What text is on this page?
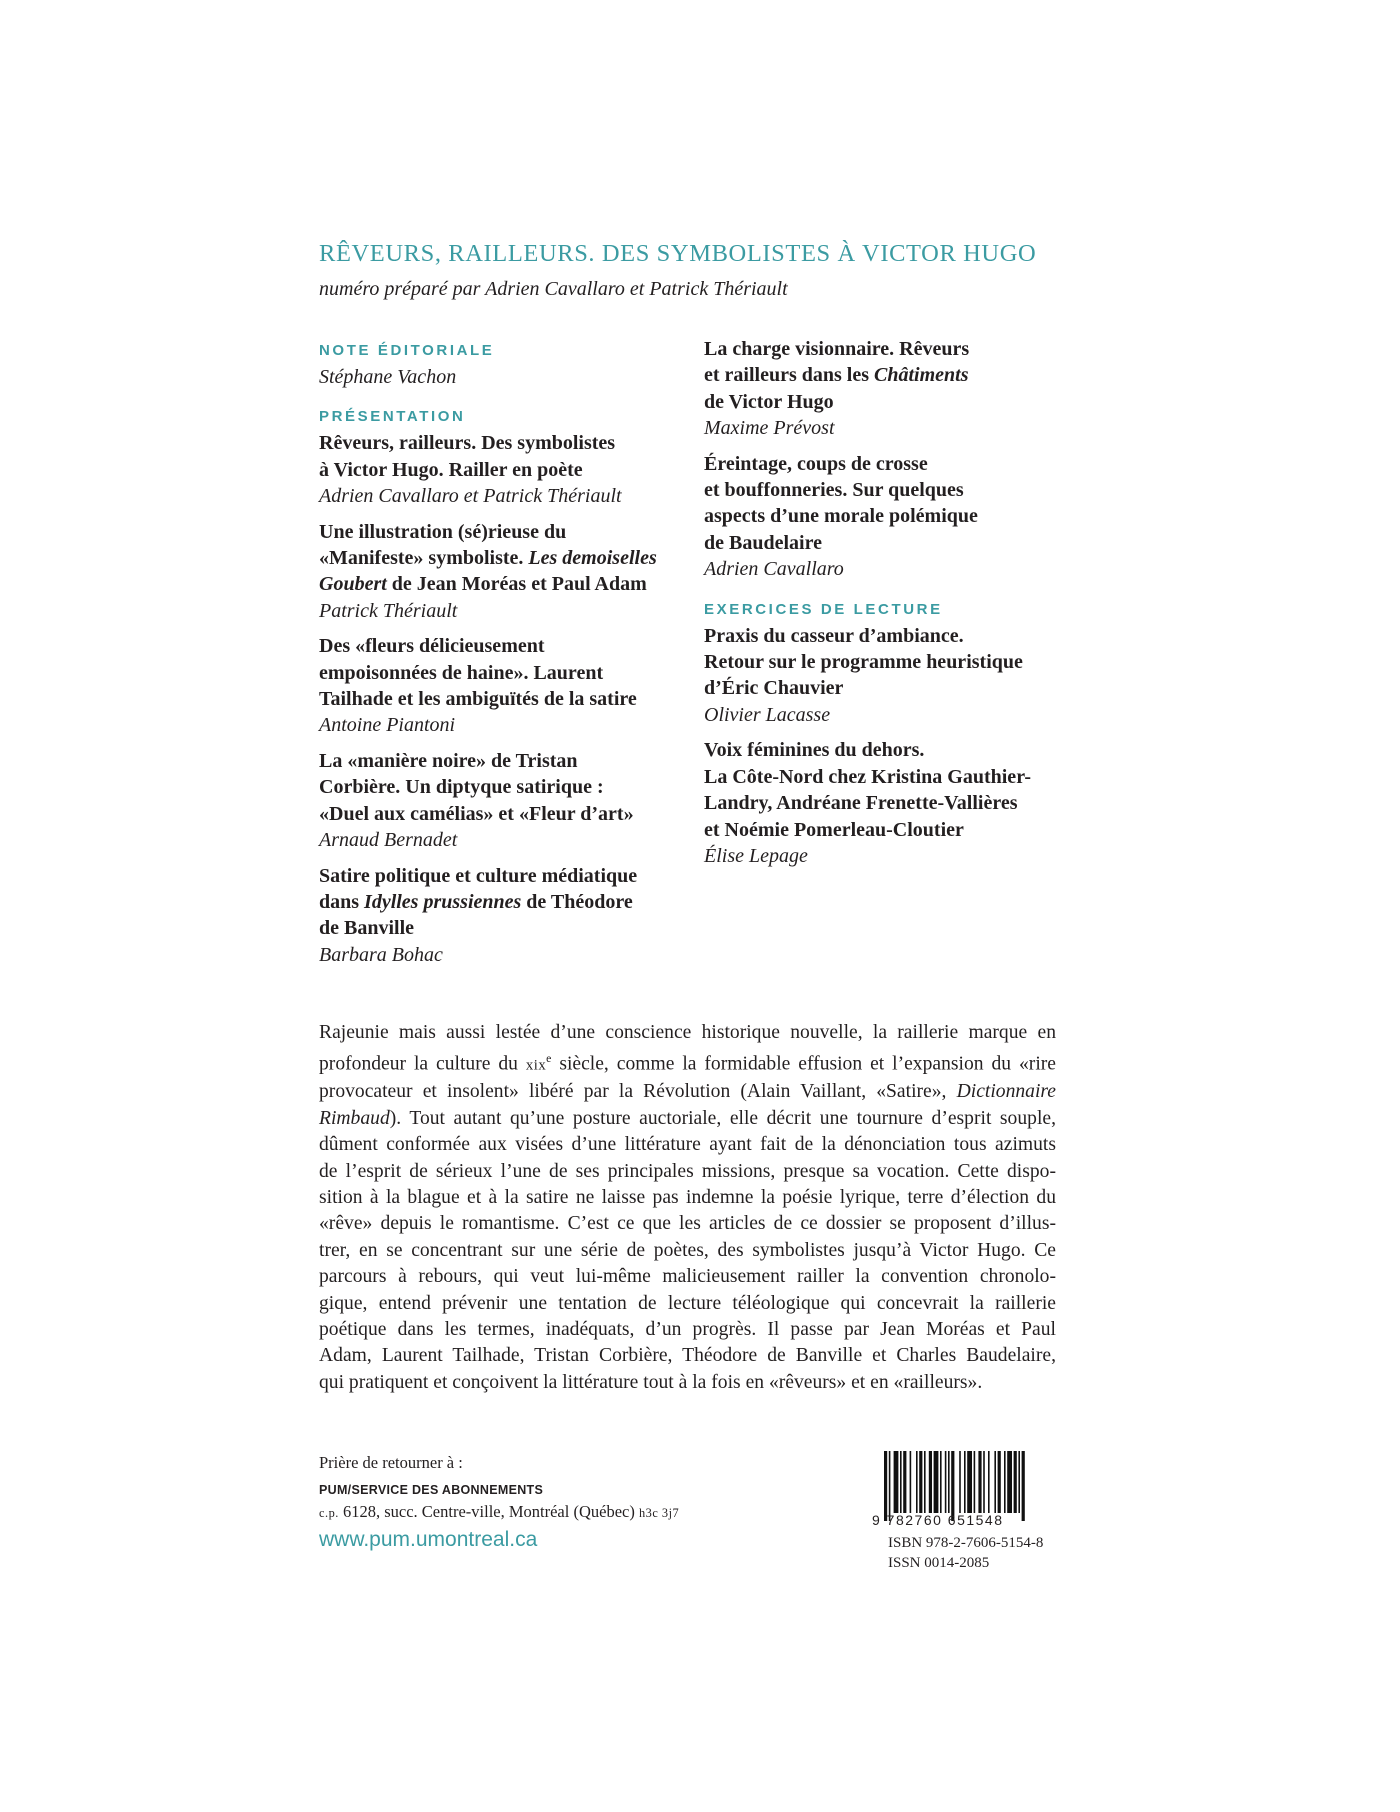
RÊVEURS, RAILLEURS. DES SYMBOLISTES À VICTOR HUGO
numéro préparé par Adrien Cavallaro et Patrick Thériault
NOTE ÉDITORIALE
Stéphane Vachon
PRÉSENTATION
Rêveurs, railleurs. Des symbolistes
à Victor Hugo. Railler en poète
Adrien Cavallaro et Patrick Thériault
Une illustration (sé)rieuse du
«Manifeste» symboliste. Les demoiselles
Goubert de Jean Moréas et Paul Adam
Patrick Thériault
Des «fleurs délicieusement
empoisonnées de haine». Laurent
Tailhade et les ambiguïtés de la satire
Antoine Piantoni
La «manière noire» de Tristan
Corbière. Un diptyque satirique :
«Duel aux camélias» et «Fleur d’art»
Arnaud Bernadet
Satire politique et culture médiatique
dans Idylles prussiennes de Théodore
de Banville
Barbara Bohac
La charge visionnaire. Rêveurs
et railleurs dans les Châtiments
de Victor Hugo
Maxime Prévost
Éreintage, coups de crosse
et bouffonneries. Sur quelques
aspects d’une morale polémique
de Baudelaire
Adrien Cavallaro
EXERCICES DE LECTURE
Praxis du casseur d’ambiance.
Retour sur le programme heuristique
d’Éric Chauvier
Olivier Lacasse
Voix féminines du dehors.
La Côte-Nord chez Kristina Gauthier-
Landry, Andréane Frenette-Vallières
et Noémie Pomerleau-Cloutier
Élise Lepage
Rajeunie mais aussi lestée d’une conscience historique nouvelle, la raillerie marque en
profondeur la culture du xix$^e$ siècle, comme la formidable effusion et l’expansion du «rire
provocateur et insolent» libéré par la Révolution (Alain Vaillant, «Satire», Dictionnaire
Rimbaud). Tout autant qu’une posture auctoriale, elle décrit une tournure d’esprit souple,
dûment conformée aux visées d’une littérature ayant fait de la dénonciation tous azimuts
de l’esprit de sérieux l’une de ses principales missions, presque sa vocation. Cette dispo-
sition à la blague et à la satire ne laisse pas indemne la poésie lyrique, terre d’élection du
«rêve» depuis le romantisme. C’est ce que les articles de ce dossier se proposent d’illus-
trer, en se concentrant sur une série de poètes, des symbolistes jusqu’à Victor Hugo. Ce
parcours à rebours, qui veut lui-même malicieusement railler la convention chronolo-
gique, entend prévenir une tentation de lecture téléologique qui concevrait la raillerie
poétique dans les termes, inadéquats, d’un progrès. Il passe par Jean Moréas et Paul
Adam, Laurent Tailhade, Tristan Corbière, Théodore de Banville et Charles Baudelaire,
qui pratiquent et conçoivent la littérature tout à la fois en «rêveurs» et en «railleurs».
Prière de retourner à :
PUM/SERVICE DES ABONNEMENTS
c.p. 6128, succ. Centre-ville, Montréal (Québec) h3c 3j7
www.pum.umontreal.ca
9 782760 651548
ISBN 978-2-7606-5154-8
ISSN 0014-2085
